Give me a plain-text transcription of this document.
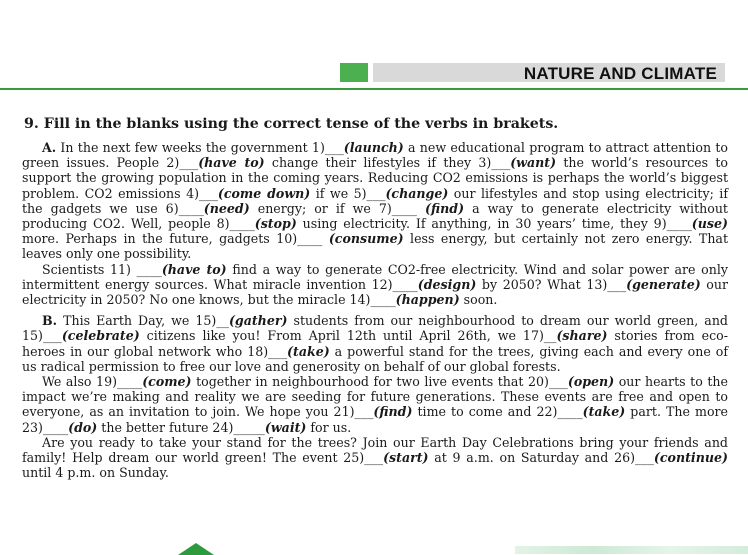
NATURE AND CLIMATE
9. Fill in the blanks using the correct tense of the verbs in brakets.

A. In the next few weeks the government 1)___(launch) a new educational program to attract attention to green issues. People 2)___(have to) change their lifestyles if they 3)___(want) the world’s resources to support the growing population in the coming years. Reducing CO2 emissions is perhaps the world’s biggest problem. CO2 emissions 4)___(come down) if we 5)___(change) our lifestyles and stop using electricity; if the gadgets we use 6)____(need) energy; or if we 7)____ (find) a way to generate electricity without producing CO2. Well, people 8)____(stop) using electricity. If anything, in 30 years’ time, they 9)____(use) more. Perhaps in the future, gadgets 10)____ (consume) less energy, but certainly not zero energy. That leaves only one possibility.

Scientists 11) ____(have to) find a way to generate CO2-free electricity. Wind and solar power are only intermittent energy sources. What miracle invention 12)____(design) by 2050? What 13)___(generate) our electricity in 2050? No one knows, but the miracle 14)____(happen) soon.

B. This Earth Day, we 15)__(gather) students from our neighbourhood to dream our world green, and 15)___(celebrate) citizens like you! From April 12th until April 26th, we 17)__(share) stories from eco-heroes in our global network who 18)___(take) a powerful stand for the trees, giving each and every one of us radical permission to free our love and generosity on behalf of our global forests.

We also 19)____(come) together in neighbourhood for two live events that 20)___(open) our hearts to the impact we’re making and reality we are seeding for future generations. These events are free and open to everyone, as an invitation to join. We hope you 21)___(find) time to come and 22)____(take) part. The more 23)____(do) the better future 24)_____(wait) for us.

Are you ready to take your stand for the trees? Join our Earth Day Celebrations bring your friends and family! Help dream our world green! The event 25)___(start) at 9 a.m. on Saturday and 26)___(continue) until 4 p.m. on Sunday.
